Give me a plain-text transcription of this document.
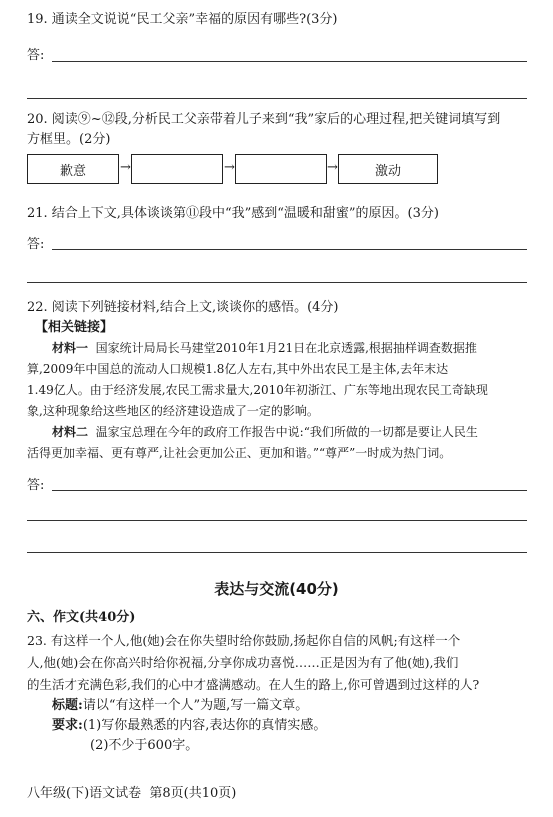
19. 通读全文说说“民工父亲”幸福的原因有哪些?(3分)
答:
20. 阅读⑨~⑫段,分析民工父亲带着儿子来到“我”家后的心理过程,把关键词填写到
方框里。(2分)
歉意	→	→	→	激动
21. 结合上下文,具体谈谈第⑪段中“我”感到“温暖和甜蜜”的原因。(3分)
答:
22. 阅读下列链接材料,结合上文,谈谈你的感悟。(4分)
【相关链接】
材料一 国家统计局局长马建堂2010年1月21日在北京透露,根据抽样调查数据推
算,2009年中国总的流动人口规模1.8亿人左右,其中外出农民工是主体,去年末达
1.49亿人。由于经济发展,农民工需求量大,2010年初浙江、广东等地出现农民工奇缺现
象,这种现象给这些地区的经济建设造成了一定的影响。
材料二 温家宝总理在今年的政府工作报告中说:“我们所做的一切都是要让人民生
活得更加幸福、更有尊严,让社会更加公正、更加和谐。”“尊严”一时成为热门词。
答:
表达与交流(40分)
六、作文(共40分)
23. 有这样一个人,他(她)会在你失望时给你鼓励,扬起你自信的风帆;有这样一个
人,他(她)会在你高兴时给你祝福,分享你成功喜悦……正是因为有了他(她),我们
的生活才充满色彩,我们的心中才盛满感动。在人生的路上,你可曾遇到过这样的人?
标题:请以“有这样一个人”为题,写一篇文章。
要求:(1)写你最熟悉的内容,表达你的真情实感。
(2)不少于600字。
八年级(下)语文试卷  第8页(共10页)
